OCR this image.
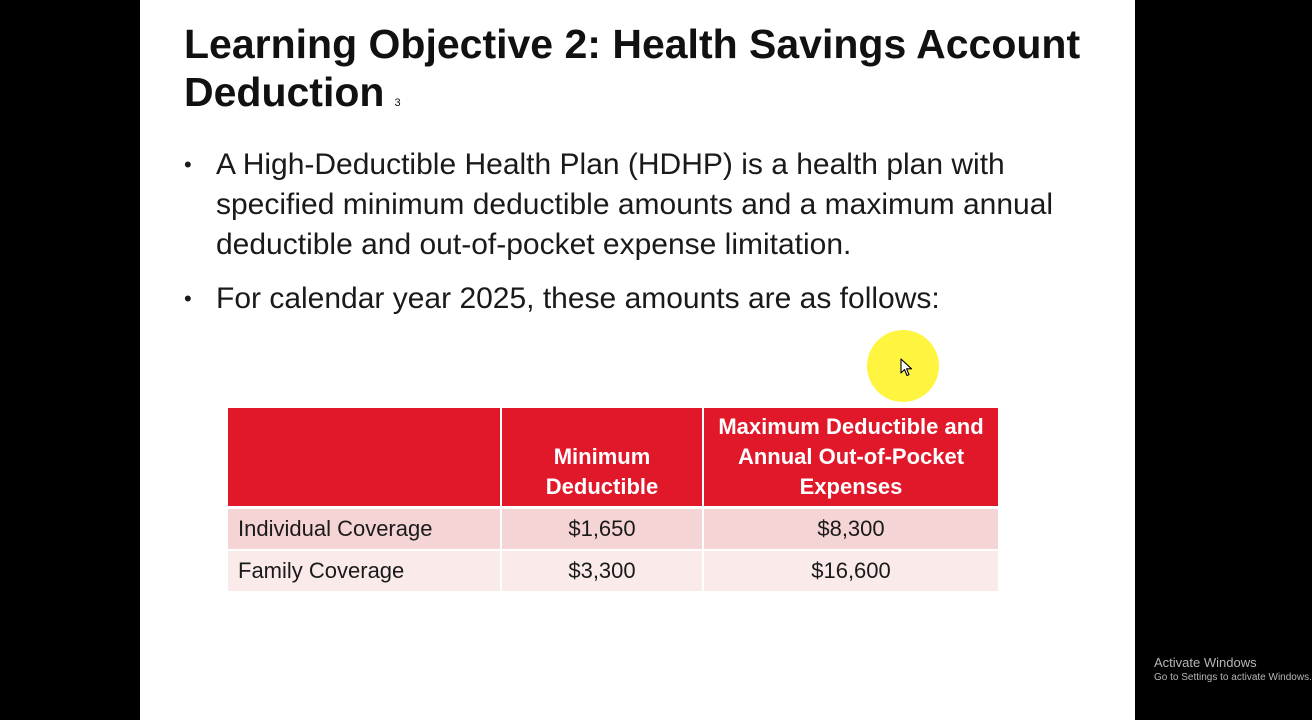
Learning Objective 2: Health Savings Account Deduction 3
• A High-Deductible Health Plan (HDHP) is a health plan with specified minimum deductible amounts and a maximum annual deductible and out-of-pocket expense limitation.
• For calendar year 2025, these amounts are as follows:
	Minimum Deductible	Maximum Deductible and Annual Out-of-Pocket Expenses
Individual Coverage	$1,650	$8,300
Family Coverage	$3,300	$16,600
Activate Windows
Go to Settings to activate Windows.
